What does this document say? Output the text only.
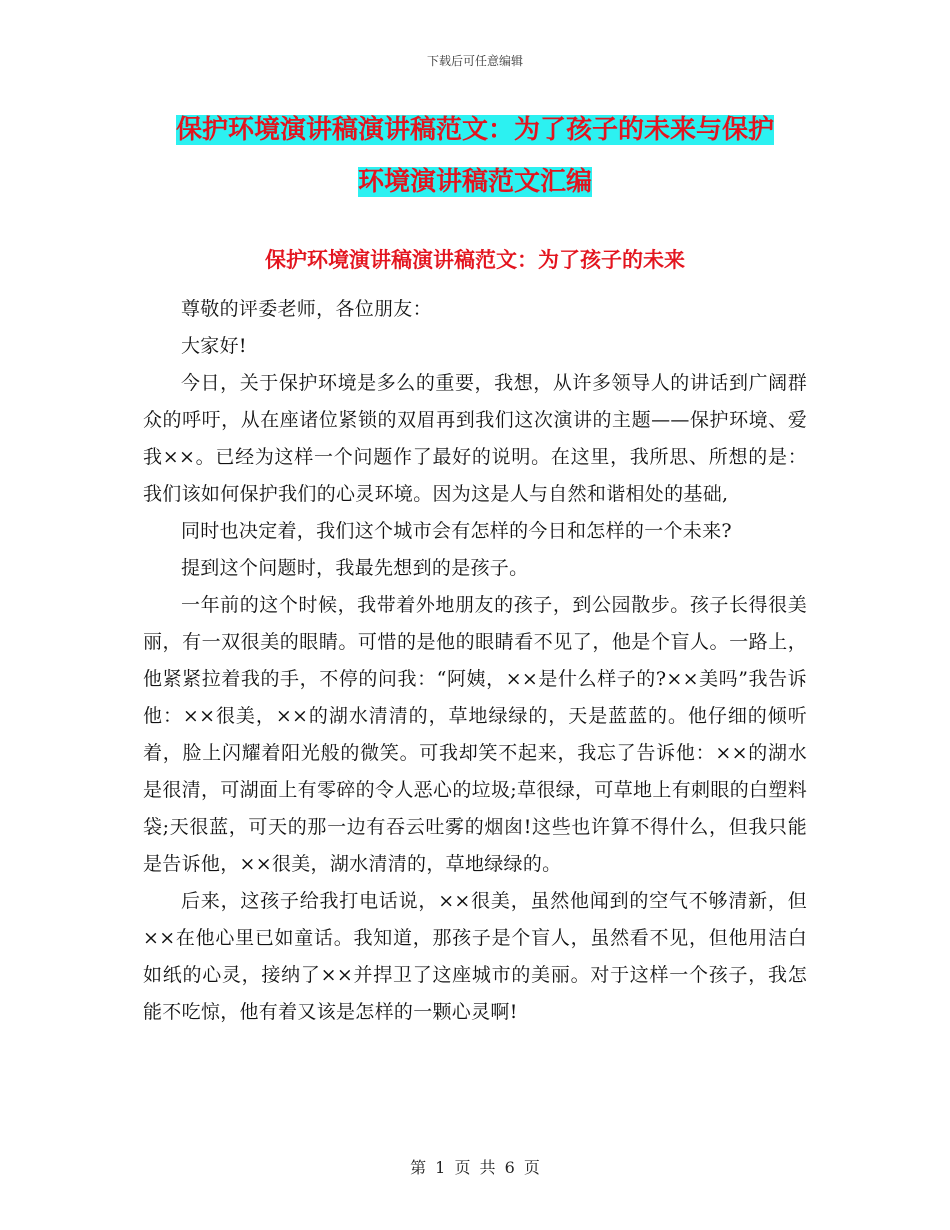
下载后可任意编辑
保护环境演讲稿演讲稿范文：为了孩子的未来与保护
环境演讲稿范文汇编
保护环境演讲稿演讲稿范文：为了孩子的未来

尊敬的评委老师，各位朋友：

大家好!

今日，关于保护环境是多么的重要，我想，从许多领导人的讲话到广阔群众的呼吁，从在座诸位紧锁的双眉再到我们这次演讲的主题——保护环境、爱我××。已经为这样一个问题作了最好的说明。在这里，我所思、所想的是：我们该如何保护我们的心灵环境。因为这是人与自然和谐相处的基础,

同时也决定着，我们这个城市会有怎样的今日和怎样的一个未来?

提到这个问题时，我最先想到的是孩子。

一年前的这个时候，我带着外地朋友的孩子，到公园散步。孩子长得很美丽，有一双很美的眼睛。可惜的是他的眼睛看不见了，他是个盲人。一路上，他紧紧拉着我的手，不停的问我：“阿姨，××是什么样子的?××美吗”我告诉他：××很美，××的湖水清清的，草地绿绿的，天是蓝蓝的。他仔细的倾听着，脸上闪耀着阳光般的微笑。可我却笑不起来，我忘了告诉他：××的湖水是很清，可湖面上有零碎的令人恶心的垃圾;草很绿，可草地上有刺眼的白塑料袋;天很蓝，可天的那一边有吞云吐雾的烟囱!这些也许算不得什么，但我只能是告诉他，××很美，湖水清清的，草地绿绿的。

后来，这孩子给我打电话说，××很美，虽然他闻到的空气不够清新，但××在他心里已如童话。我知道，那孩子是个盲人，虽然看不见，但他用洁白如纸的心灵，接纳了××并捍卫了这座城市的美丽。对于这样一个孩子，我怎能不吃惊，他有着又该是怎样的一颗心灵啊!

第 1 页 共 6 页
